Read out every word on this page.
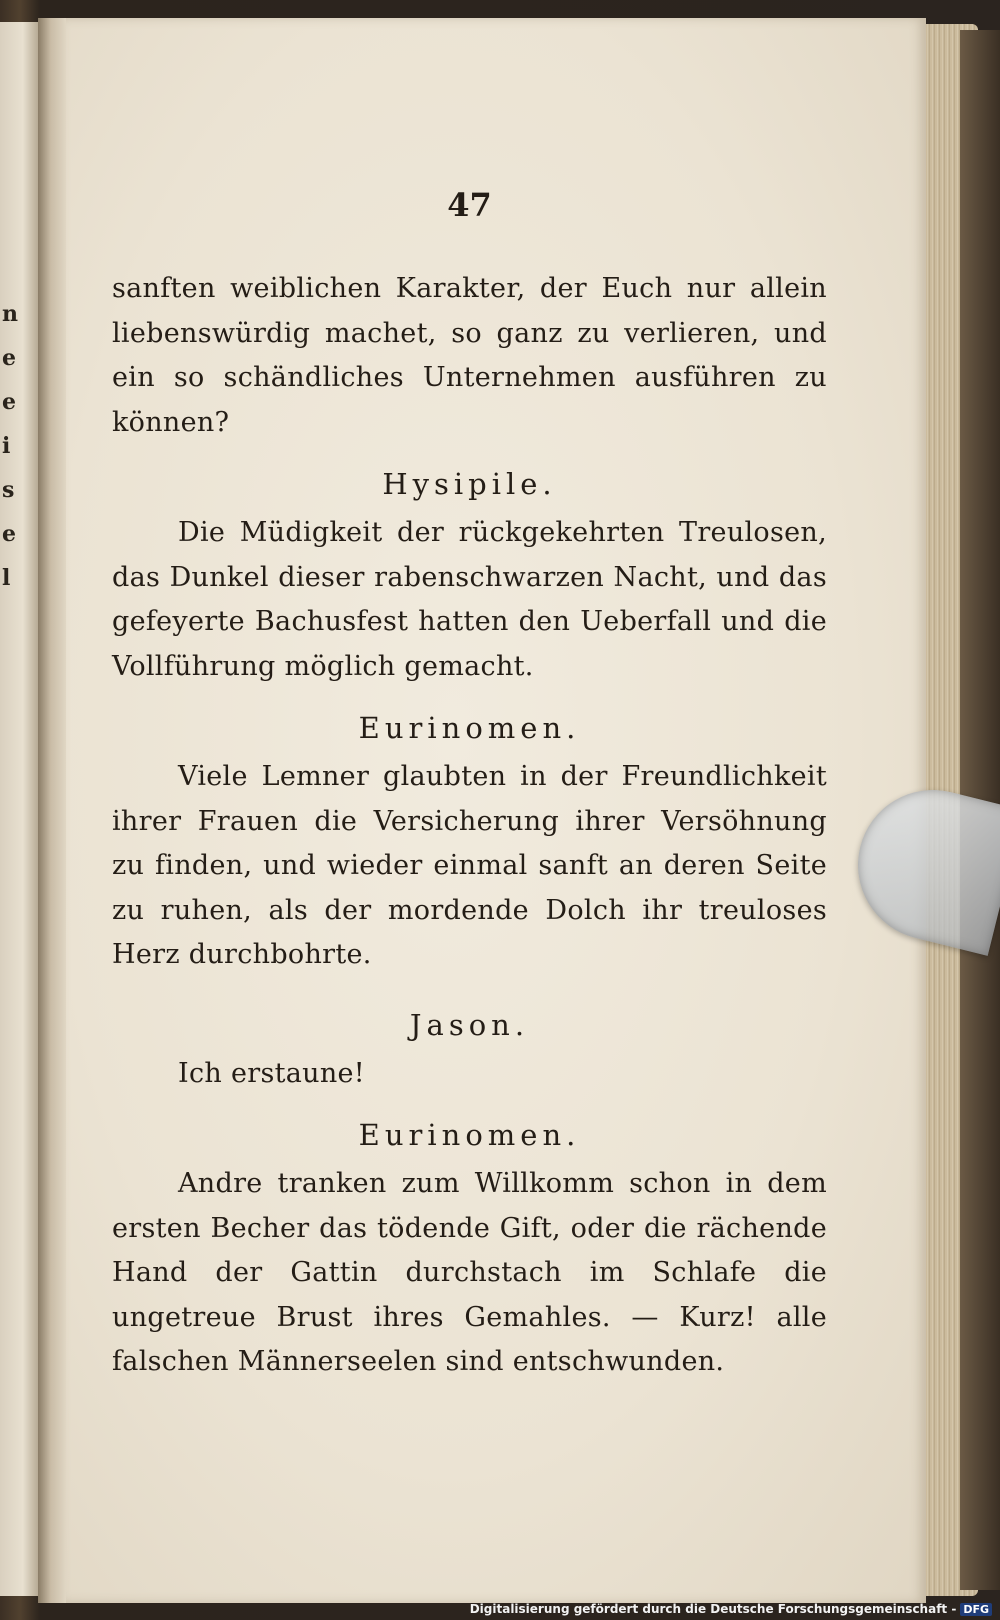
n
e
e
i
s
e
l
47

sanften weiblichen Karakter, der Euch nur allein liebenswürdig machet, so ganz zu verlieren, und ein so schändliches Unternehmen ausführen zu können?

Hysipile.

Die Müdigkeit der rückgekehrten Treulosen, das Dunkel dieser rabenschwarzen Nacht, und das gefeyerte Bachusfest hatten den Ueberfall und die Vollführung möglich gemacht.

Eurinomen.

Viele Lemner glaubten in der Freundlichkeit ihrer Frauen die Versicherung ihrer Versöhnung zu finden, und wieder einmal sanft an deren Seite zu ruhen, als der mordende Dolch ihr treuloses Herz durchbohrte.

Jason.

Ich erstaune!

Eurinomen.

Andre tranken zum Willkomm schon in dem ersten Becher das tödende Gift, oder die rächende Hand der Gattin durchstach im Schlafe die ungetreue Brust ihres Gemahles. — Kurz! alle falschen Männerseelen sind entschwunden.

Digitalisierung gefördert durch die Deutsche Forschungsgemeinschaft - DFG
